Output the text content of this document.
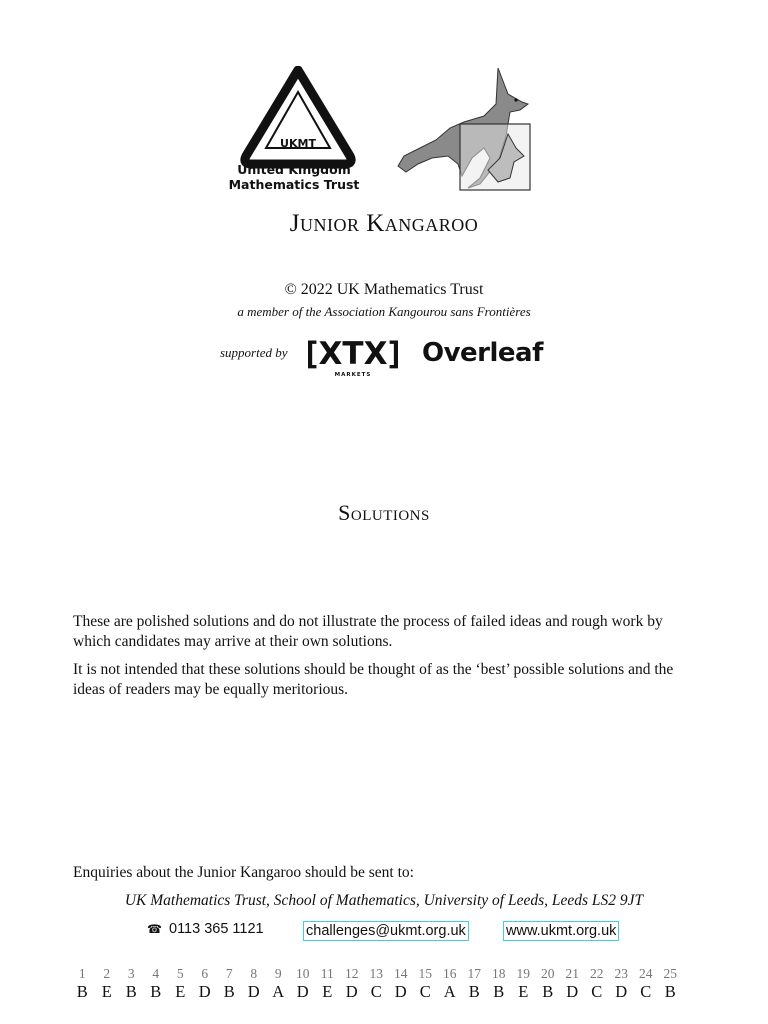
UKMT
United Kingdom
Mathematics Trust
Junior Kangaroo
© 2022 UK Mathematics Trust
a member of the Association Kangourou sans Frontières
supported by [XTX]
MARKETS
Overleaf
Solutions
These are polished solutions and do not illustrate the process of failed ideas and rough work by which candidates may arrive at their own solutions.
It is not intended that these solutions should be thought of as the ‘best’ possible solutions and the ideas of readers may be equally meritorious.
Enquiries about the Junior Kangaroo should be sent to:
UK Mathematics Trust, School of Mathematics, University of Leeds, Leeds LS2 9JT
☎ 0113 365 1121	challenges@ukmt.org.uk	www.ukmt.org.uk
1
B
2
E
3
B
4
B
5
E
6
D
7
B
8
D
9
A
10
D
11
E
12
D
13
C
14
D
15
C
16
A
17
B
18
B
19
E
20
B
21
D
22
C
23
D
24
C
25
B
